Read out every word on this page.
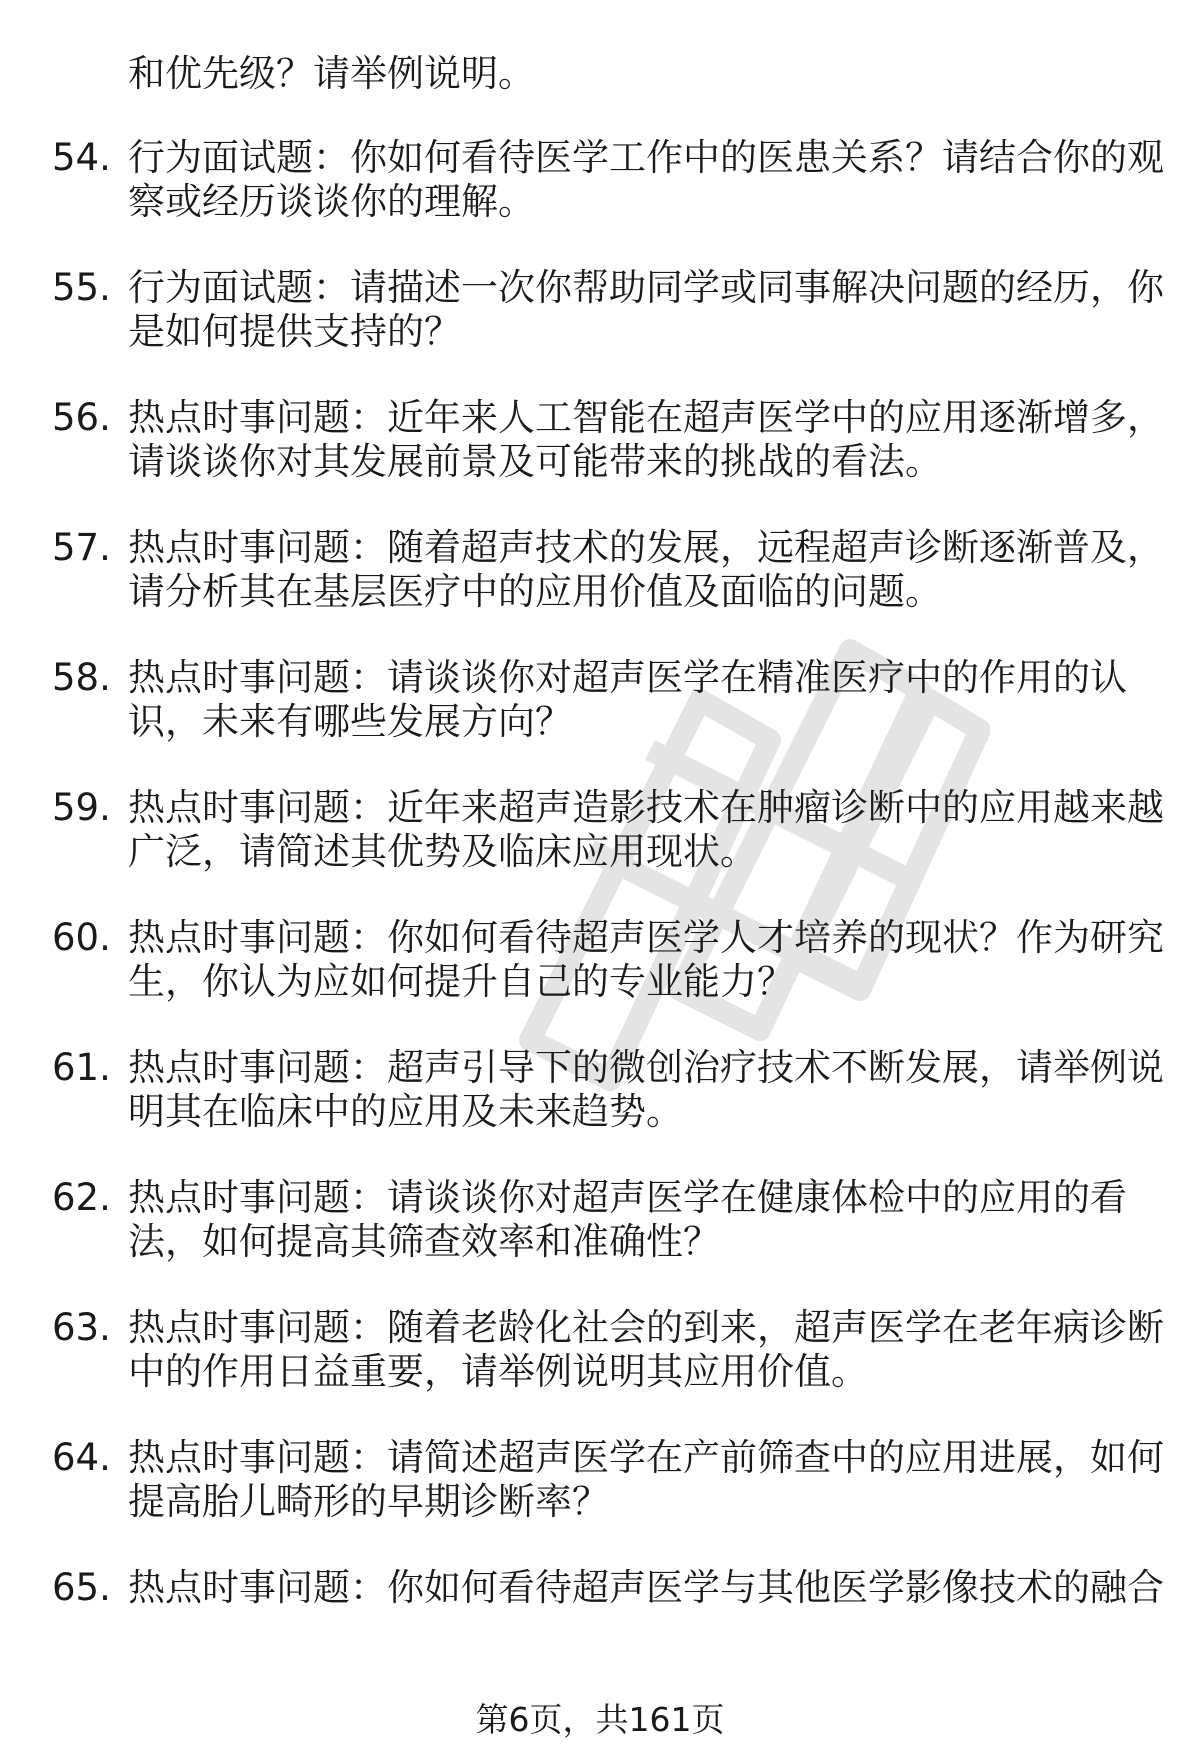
和优先级？请举例说明。
54. 行为面试题：你如何看待医学工作中的医患关系？请结合你的观
察或经历谈谈你的理解。
55. 行为面试题：请描述一次你帮助同学或同事解决问题的经历，你
是如何提供支持的？
56. 热点时事问题：近年来人工智能在超声医学中的应用逐渐增多，
请谈谈你对其发展前景及可能带来的挑战的看法。
57. 热点时事问题：随着超声技术的发展，远程超声诊断逐渐普及，
请分析其在基层医疗中的应用价值及面临的问题。
58. 热点时事问题：请谈谈你对超声医学在精准医疗中的作用的认
识，未来有哪些发展方向？
59. 热点时事问题：近年来超声造影技术在肿瘤诊断中的应用越来越
广泛，请简述其优势及临床应用现状。
60. 热点时事问题：你如何看待超声医学人才培养的现状？作为研究
生，你认为应如何提升自己的专业能力？
61. 热点时事问题：超声引导下的微创治疗技术不断发展，请举例说
明其在临床中的应用及未来趋势。
62. 热点时事问题：请谈谈你对超声医学在健康体检中的应用的看
法，如何提高其筛查效率和准确性？
63. 热点时事问题：随着老龄化社会的到来，超声医学在老年病诊断
中的作用日益重要，请举例说明其应用价值。
64. 热点时事问题：请简述超声医学在产前筛查中的应用进展，如何
提高胎儿畸形的早期诊断率？
65. 热点时事问题：你如何看待超声医学与其他医学影像技术的融合
第6页，共161页
